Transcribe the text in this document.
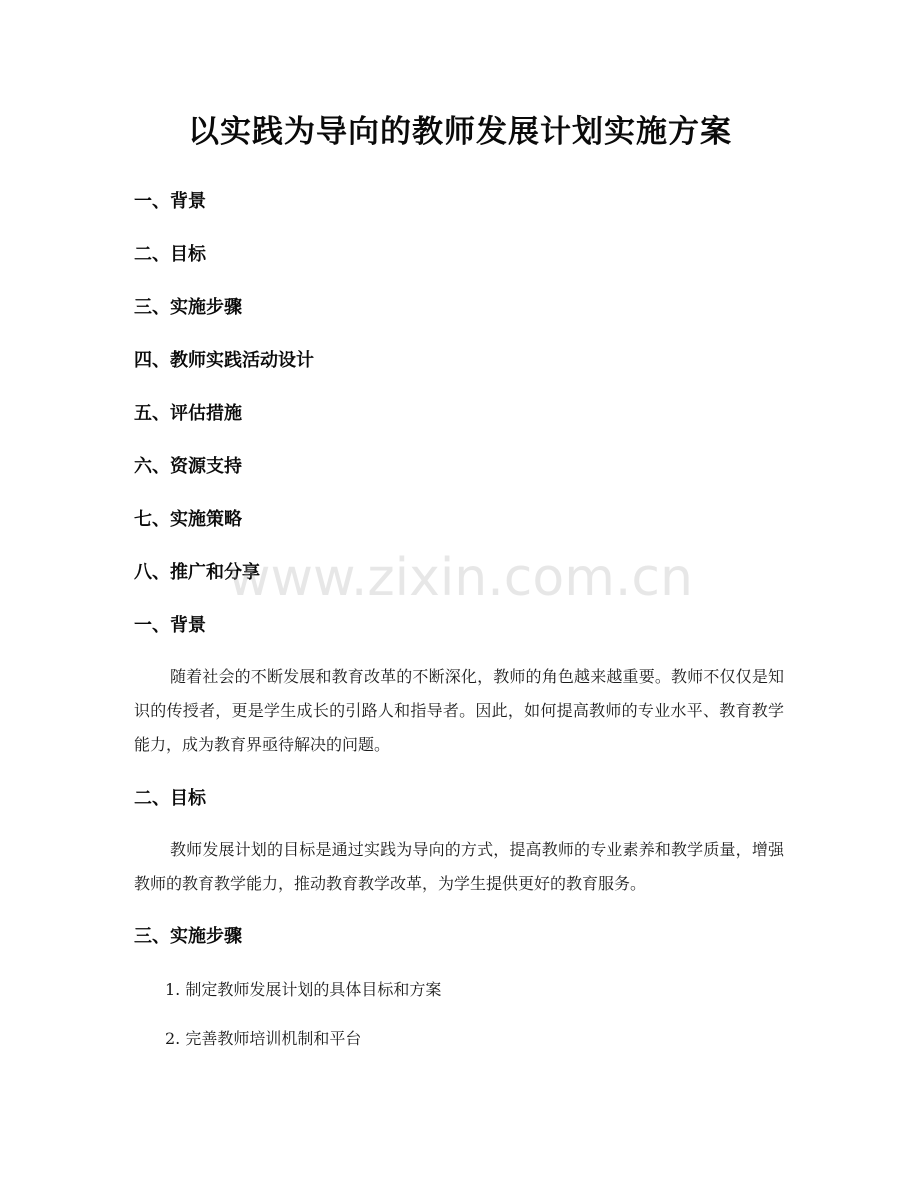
以实践为导向的教师发展计划实施方案
一、背景
二、目标
三、实施步骤
四、教师实践活动设计
五、评估措施
六、资源支持
七、实施策略
八、推广和分享
一、背景

随着社会的不断发展和教育改革的不断深化，教师的角色越来越重要。教师不仅仅是知识的传授者，更是学生成长的引路人和指导者。因此，如何提高教师的专业水平、教育教学能力，成为教育界亟待解决的问题。

二、目标

教师发展计划的目标是通过实践为导向的方式，提高教师的专业素养和教学质量，增强教师的教育教学能力，推动教育教学改革，为学生提供更好的教育服务。

三、实施步骤
1. 制定教师发展计划的具体目标和方案
2. 完善教师培训机制和平台
www.zixin.com.cn
